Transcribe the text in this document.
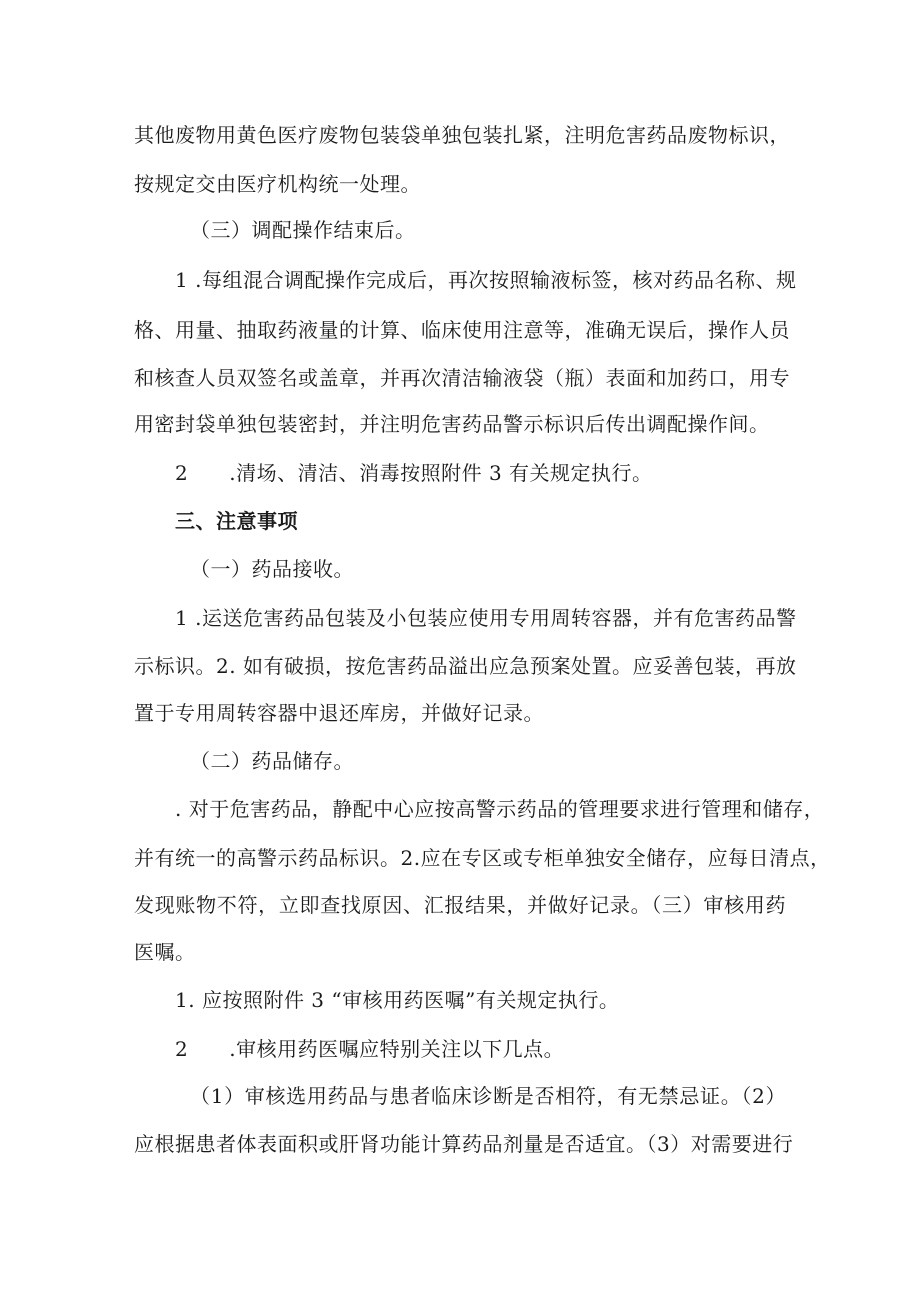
其他废物用黄色医疗废物包装袋单独包装扎紧，注明危害药品废物标识，
按规定交由医疗机构统一处理。
（三）调配操作结束后。
1 .每组混合调配操作完成后，再次按照输液标签，核对药品名称、规
格、用量、抽取药液量的计算、临床使用注意等，准确无误后，操作人员
和核查人员双签名或盖章，并再次清洁输液袋（瓶）表面和加药口，用专
用密封袋单独包装密封，并注明危害药品警示标识后传出调配操作间。
2　　.清场、清洁、消毒按照附件 3 有关规定执行。
三、注意事项
（一）药品接收。
1 .运送危害药品包装及小包装应使用专用周转容器，并有危害药品警
示标识。2. 如有破损，按危害药品溢出应急预案处置。应妥善包装，再放
置于专用周转容器中退还库房，并做好记录。
（二）药品储存。
. 对于危害药品，静配中心应按高警示药品的管理要求进行管理和储存，
并有统一的高警示药品标识。2.应在专区或专柜单独安全储存，应每日清点，
发现账物不符，立即查找原因、汇报结果，并做好记录。（三）审核用药
医嘱。
1. 应按照附件 3 “审核用药医嘱”有关规定执行。
2　　.审核用药医嘱应特别关注以下几点。
（1）审核选用药品与患者临床诊断是否相符，有无禁忌证。（2）
应根据患者体表面积或肝肾功能计算药品剂量是否适宜。（3）对需要进行
